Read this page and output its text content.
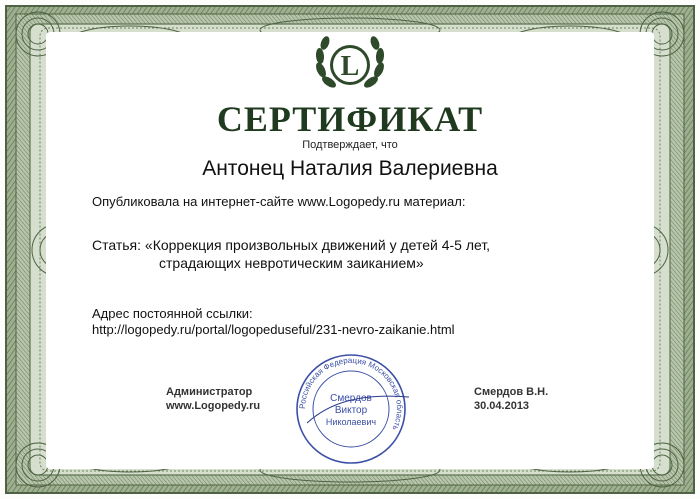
L
СЕРТИФИКАТ
Подтверждает, что
Антонец Наталия Валериевна
Опубликовала на интернет-сайте www.Logopedy.ru материал:
Статья: «Коррекция произвольных движений у детей 4-5 лет,
страдающих невротическим заиканием»
Адрес постоянной ссылки:
http://logopedy.ru/portal/logopeduseful/231-nevro-zaikanie.html
Администратор
www.Logopedy.ru
Смердов В.Н.
30.04.2013
Российская Федерация Московская область
Смердов
Виктор
Николаевич
